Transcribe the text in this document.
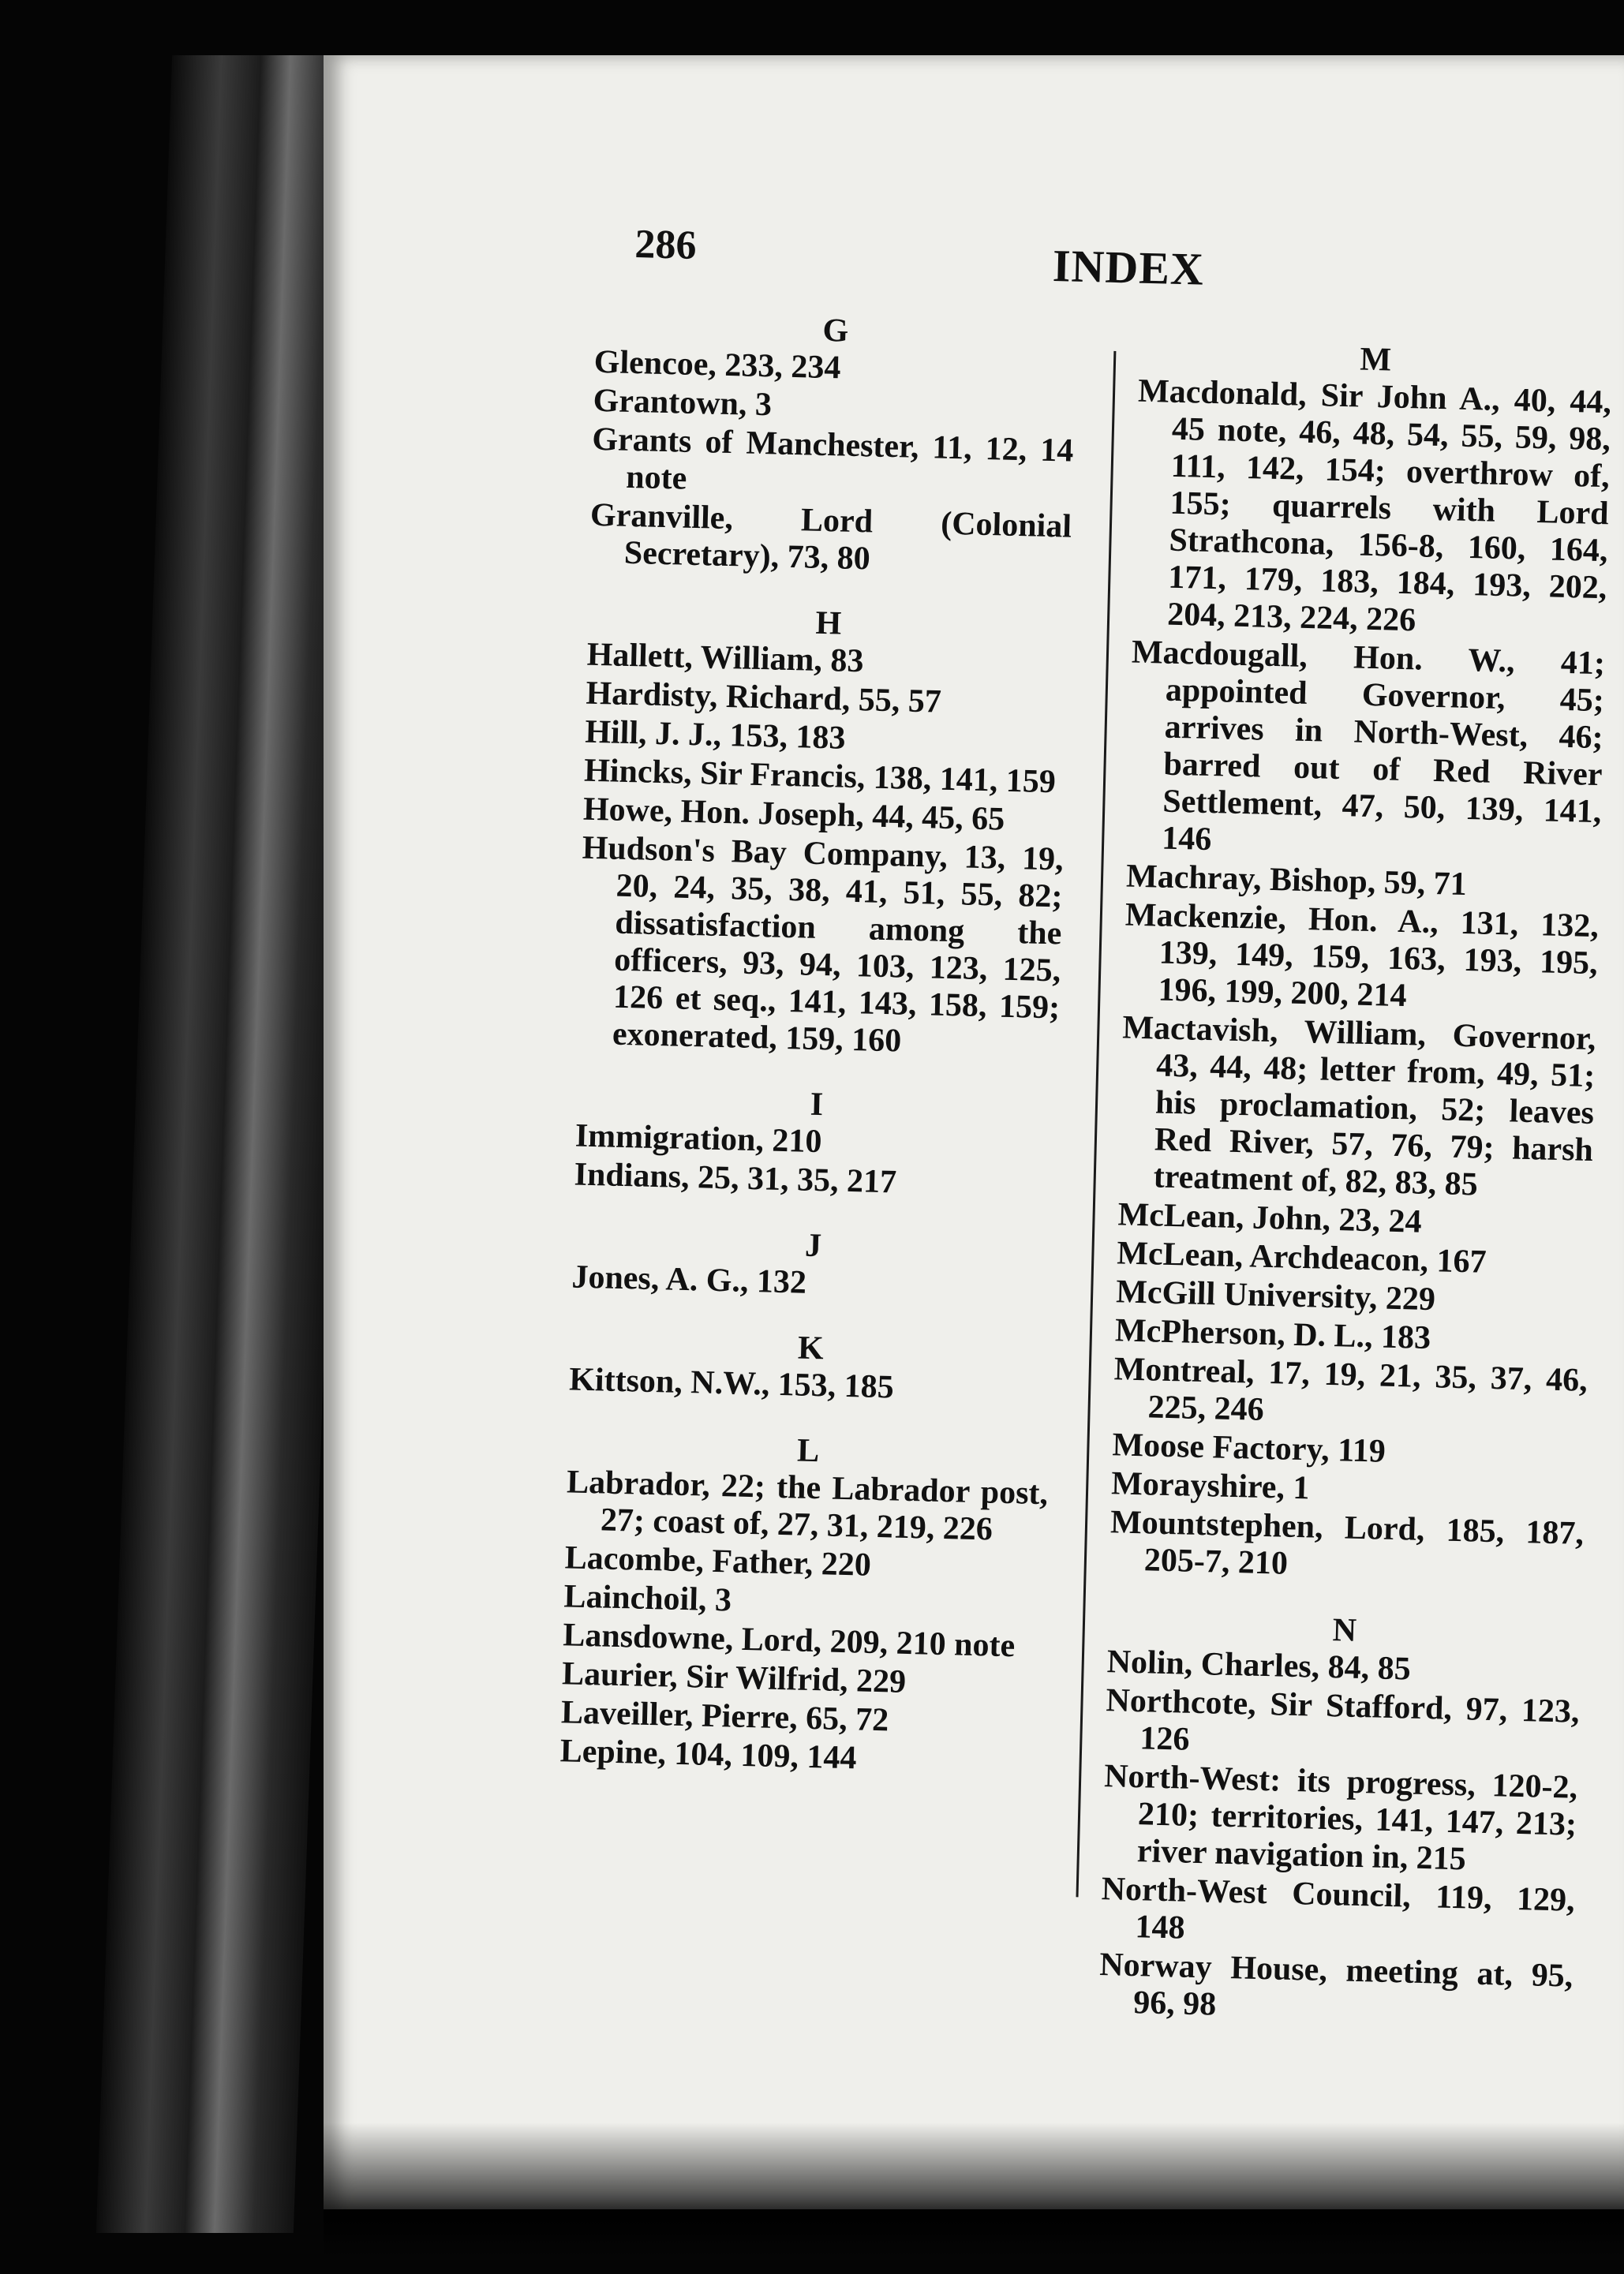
286	INDEX

G

Glencoe, 233, 234

Grantown, 3

Grants of Manchester, 11, 12, 14 note

Granville, Lord (Colonial Secretary), 73, 80

H

Hallett, William, 83

Hardisty, Richard, 55, 57

Hill, J. J., 153, 183

Hincks, Sir Francis, 138, 141, 159

Howe, Hon. Joseph, 44, 45, 65

Hudson's Bay Company, 13, 19, 20, 24, 35, 38, 41, 51, 55, 82; dissatisfaction among the officers, 93, 94, 103, 123, 125, 126 et seq., 141, 143, 158, 159; exonerated, 159, 160

I

Immigration, 210

Indians, 25, 31, 35, 217

J

Jones, A. G., 132

K

Kittson, N.W., 153, 185

L

Labrador, 22; the Labrador post, 27; coast of, 27, 31, 219, 226

Lacombe, Father, 220

Lainchoil, 3

Lansdowne, Lord, 209, 210 note

Laurier, Sir Wilfrid, 229

Laveiller, Pierre, 65, 72

Lepine, 104, 109, 144

M

Macdonald, Sir John A., 40, 44, 45 note, 46, 48, 54, 55, 59, 98, 111, 142, 154; overthrow of, 155; quarrels with Lord Strathcona, 156-8, 160, 164, 171, 179, 183, 184, 193, 202, 204, 213, 224, 226

Macdougall, Hon. W., 41; appointed Governor, 45; arrives in North-West, 46; barred out of Red River Settlement, 47, 50, 139, 141, 146

Machray, Bishop, 59, 71

Mackenzie, Hon. A., 131, 132, 139, 149, 159, 163, 193, 195, 196, 199, 200, 214

Mactavish, William, Governor, 43, 44, 48; letter from, 49, 51; his proclamation, 52; leaves Red River, 57, 76, 79; harsh treatment of, 82, 83, 85

McLean, John, 23, 24

McLean, Archdeacon, 167

McGill University, 229

McPherson, D. L., 183

Montreal, 17, 19, 21, 35, 37, 46, 225, 246

Moose Factory, 119

Morayshire, 1

Mountstephen, Lord, 185, 187, 205-7, 210

N

Nolin, Charles, 84, 85

Northcote, Sir Stafford, 97, 123, 126

North-West: its progress, 120-2, 210; territories, 141, 147, 213; river navigation in, 215

North-West Council, 119, 129, 148

Norway House, meeting at, 95, 96, 98
